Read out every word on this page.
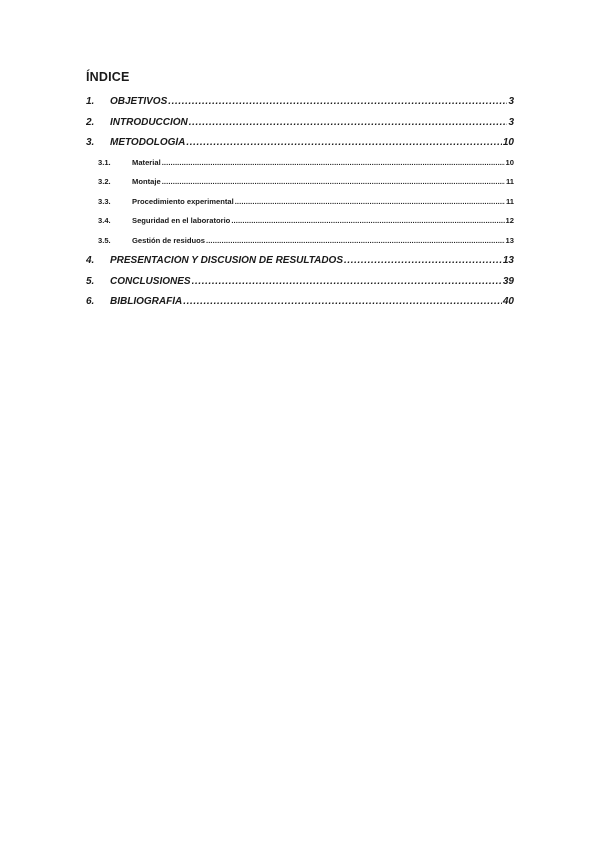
ÍNDICE
1.	OBJETIVOS .....	3
2.	INTRODUCCIÓN .....	3
3.	METODOLOGÍA .....	10
3.1.	Material .....	10
3.2.	Montaje .....	11
3.3.	Procedimiento experimental .....	11
3.4.	Seguridad en el laboratorio .....	12
3.5.	Gestión de residuos .....	13
4.	PRESENTACIÓN Y DISCUSIÓN DE RESULTADOS .....	13
5.	CONCLUSIONES .....	39
6.	BIBLIOGRAFÍA .....	40
